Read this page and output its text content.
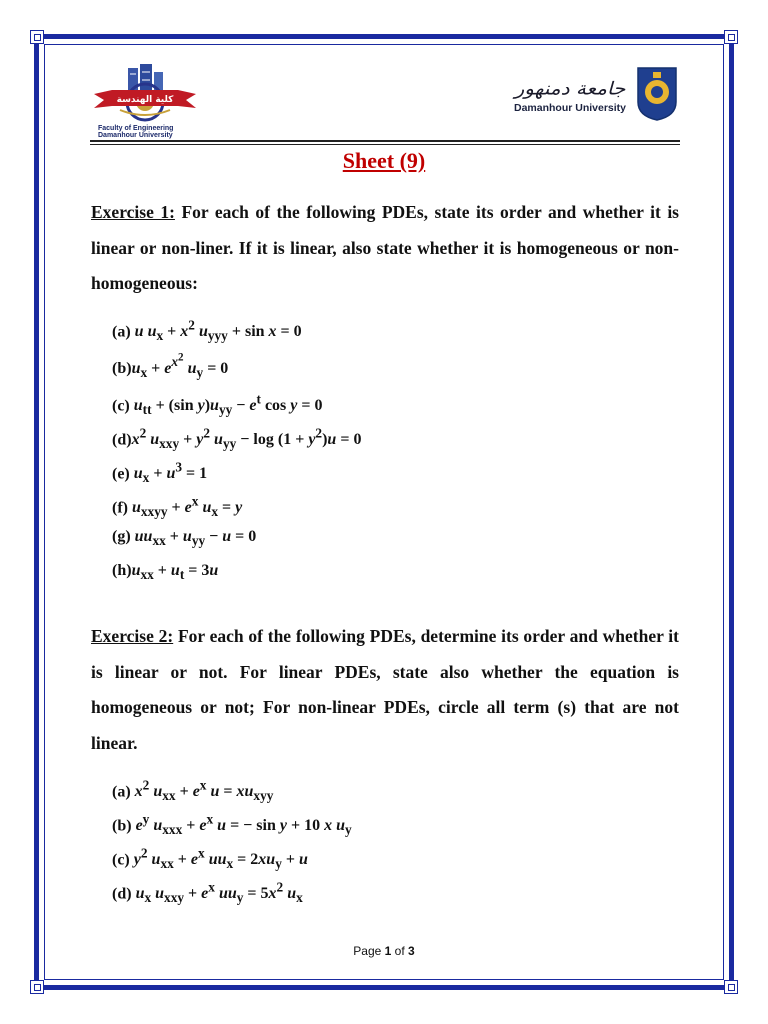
كلية الهندسة
Faculty of Engineering
Damanhour University
جامعة دمنهور
Damanhour University
Sheet (9)
Exercise 1: For each of the following PDEs, state its order and whether it is linear or non-liner. If it is linear, also state whether it is homogeneous or non-homogeneous:
(a) u $u_x + x^2$ $u_{yyy} + \sin x = 0$
$(b)u_x + e^{x^2}$ $u_y = 0$
(c) $u_{tt} + (\sin$ $y)u_{yy} - e^t$ cos y = 0
$(d)x^2$ $u_{xxy} + y^2$ $u_{yy} - \log (1 + y^2)u = 0$
(e) $u_x + u^3 = 1$
(f) $u_{xxyy} + e^x$ $u_x = y$
(g) $uu_{xx} + u_{yy} - u = 0$
$(h)u_{xx} + u_t = 3u$
Exercise 2: For each of the following PDEs, determine its order and whether it is linear or not. For linear PDEs, state also whether the equation is homogeneous or not; For non-linear PDEs, circle all term (s) that are not linear.
(a) $x^2$ $u_{xx} + e^x$ $u = xu_{xyy}$
(b) $e^y$ $u_{xxx} + e^x$ u = − sin y + 10 x $u_y$
(c) $y^2$ $u_{xx} + e^x$ $uu_x = 2xu_y + u$
(d) $u_x$ $u_{xxy} + e^x$ $uu_y = 5x^2$ $u_x$
Page 1 of 3
